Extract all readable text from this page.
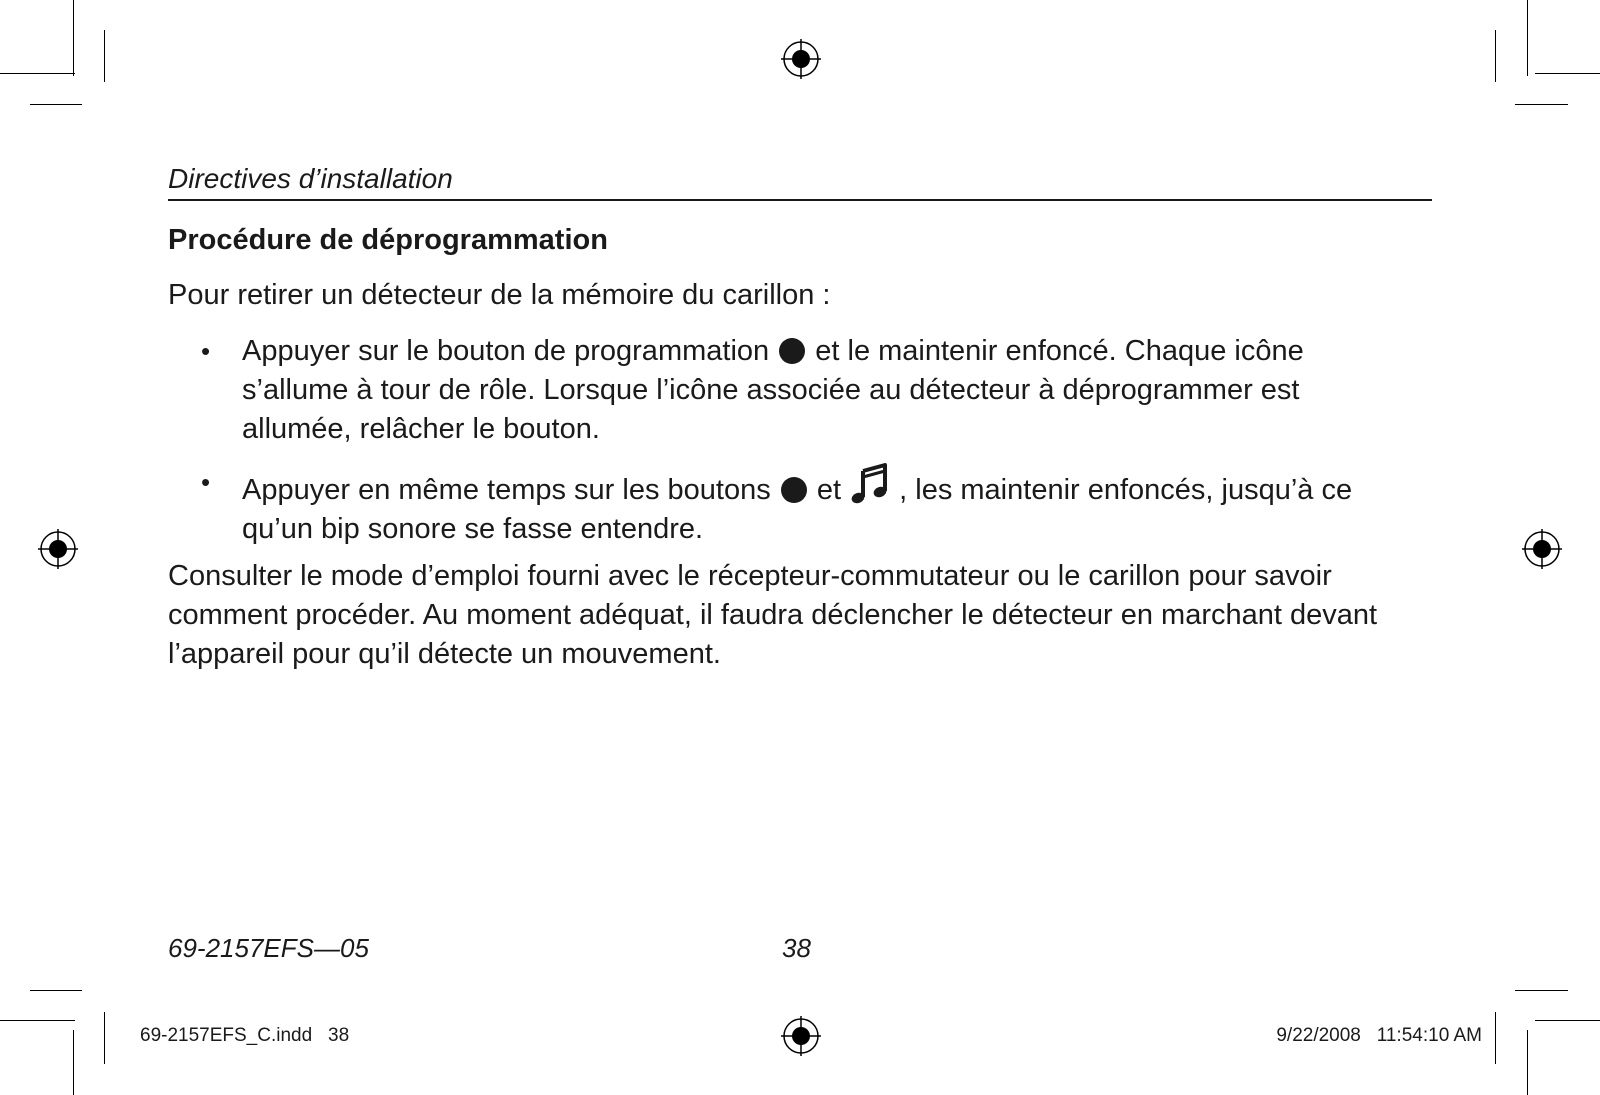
Directives d’installation
Procédure de déprogrammation
Pour retirer un détecteur de la mémoire du carillon :
• Appuyer sur le bouton de programmation et le maintenir enfoncé. Chaque icône s’allume à tour de rôle. Lorsque l’icône associée au détecteur à déprogrammer est allumée, relâcher le bouton.
• Appuyer en même temps sur les boutons et , les maintenir enfoncés, jusqu’à ce qu’un bip sonore se fasse entendre.
Consulter le mode d’emploi fourni avec le récepteur-commutateur ou le carillon pour savoir comment procéder. Au moment adéquat, il faudra déclencher le détecteur en marchant devant l’appareil pour qu’il détecte un mouvement.
69-2157EFS—05	38
69-2157EFS_C.indd   38	9/22/2008   11:54:10 AM
